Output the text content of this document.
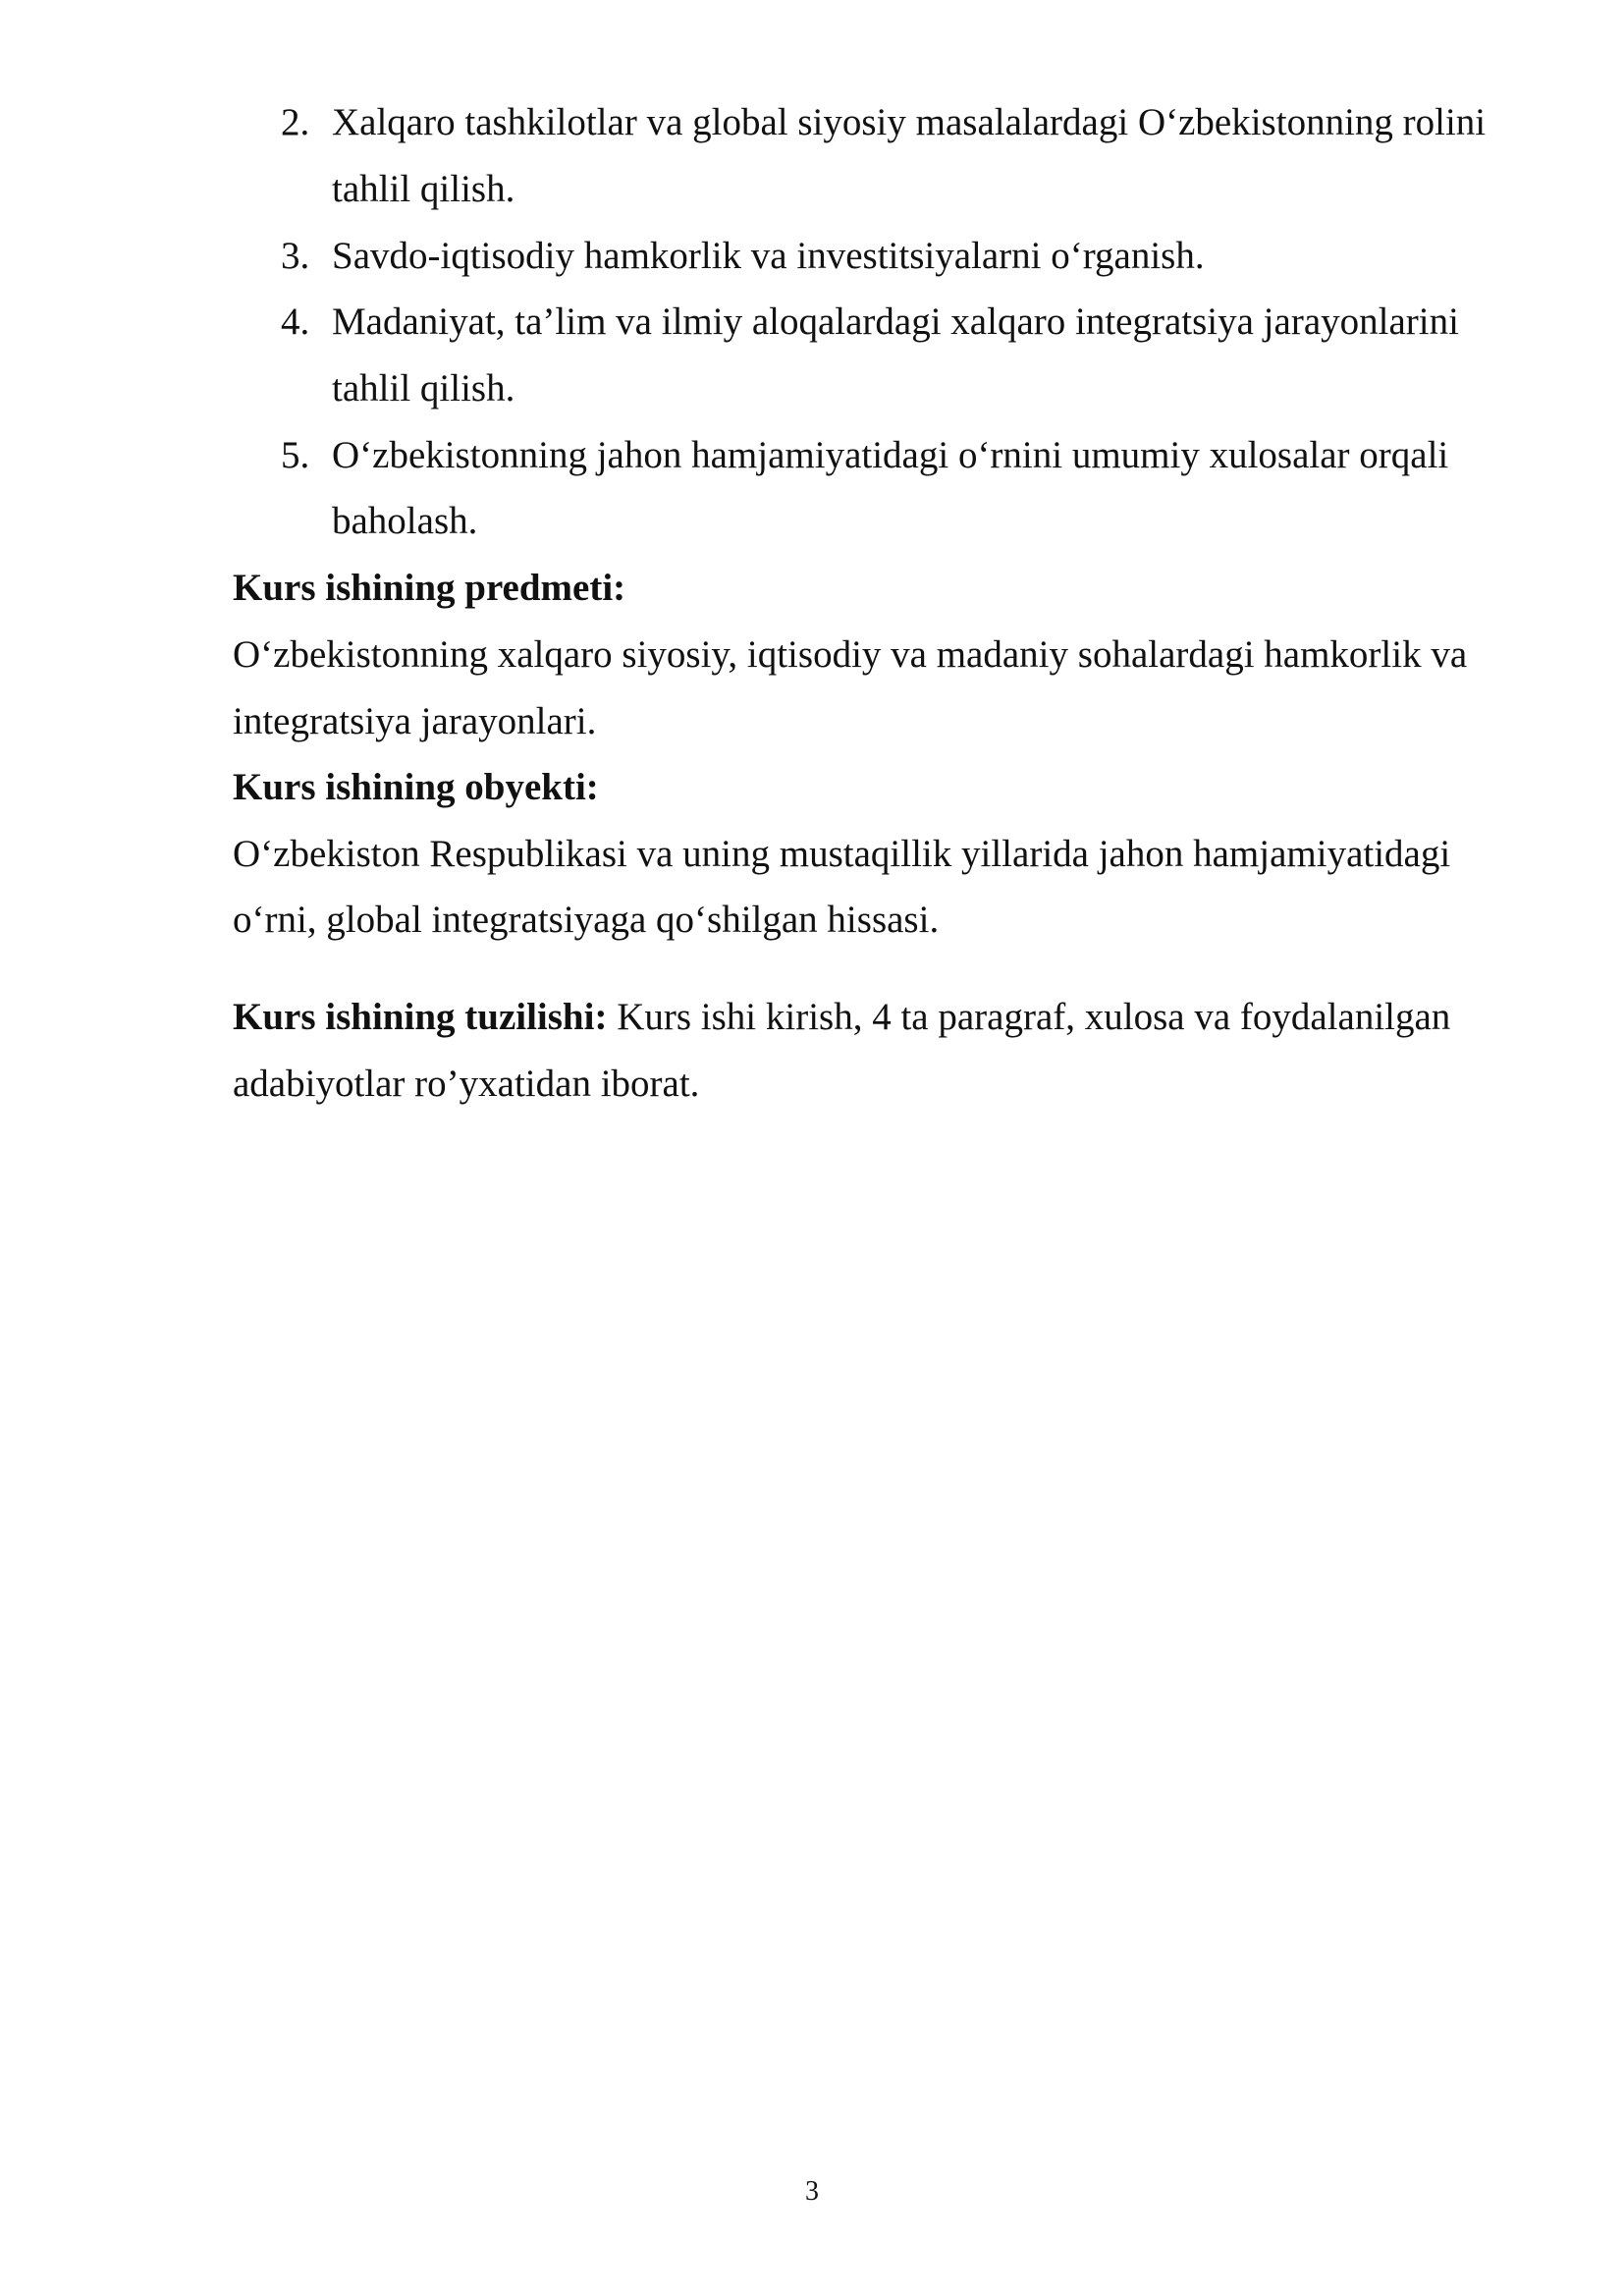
2. Xalqaro tashkilotlar va global siyosiy masalalardagi O‘zbekistonning rolini
tahlil qilish.
3. Savdo-iqtisodiy hamkorlik va investitsiyalarni o‘rganish.
4. Madaniyat, ta’lim va ilmiy aloqalardagi xalqaro integratsiya jarayonlarini
tahlil qilish.
5. O‘zbekistonning jahon hamjamiyatidagi o‘rnini umumiy xulosalar orqali
baholash.
Kurs ishining predmeti:
O‘zbekistonning xalqaro siyosiy, iqtisodiy va madaniy sohalardagi hamkorlik va
integratsiya jarayonlari.
Kurs ishining obyekti:
O‘zbekiston Respublikasi va uning mustaqillik yillarida jahon hamjamiyatidagi
o‘rni, global integratsiyaga qo‘shilgan hissasi.
Kurs ishining tuzilishi: Kurs ishi kirish, 4 ta paragraf, xulosa va foydalanilgan
adabiyotlar ro’yxatidan iborat.
3
